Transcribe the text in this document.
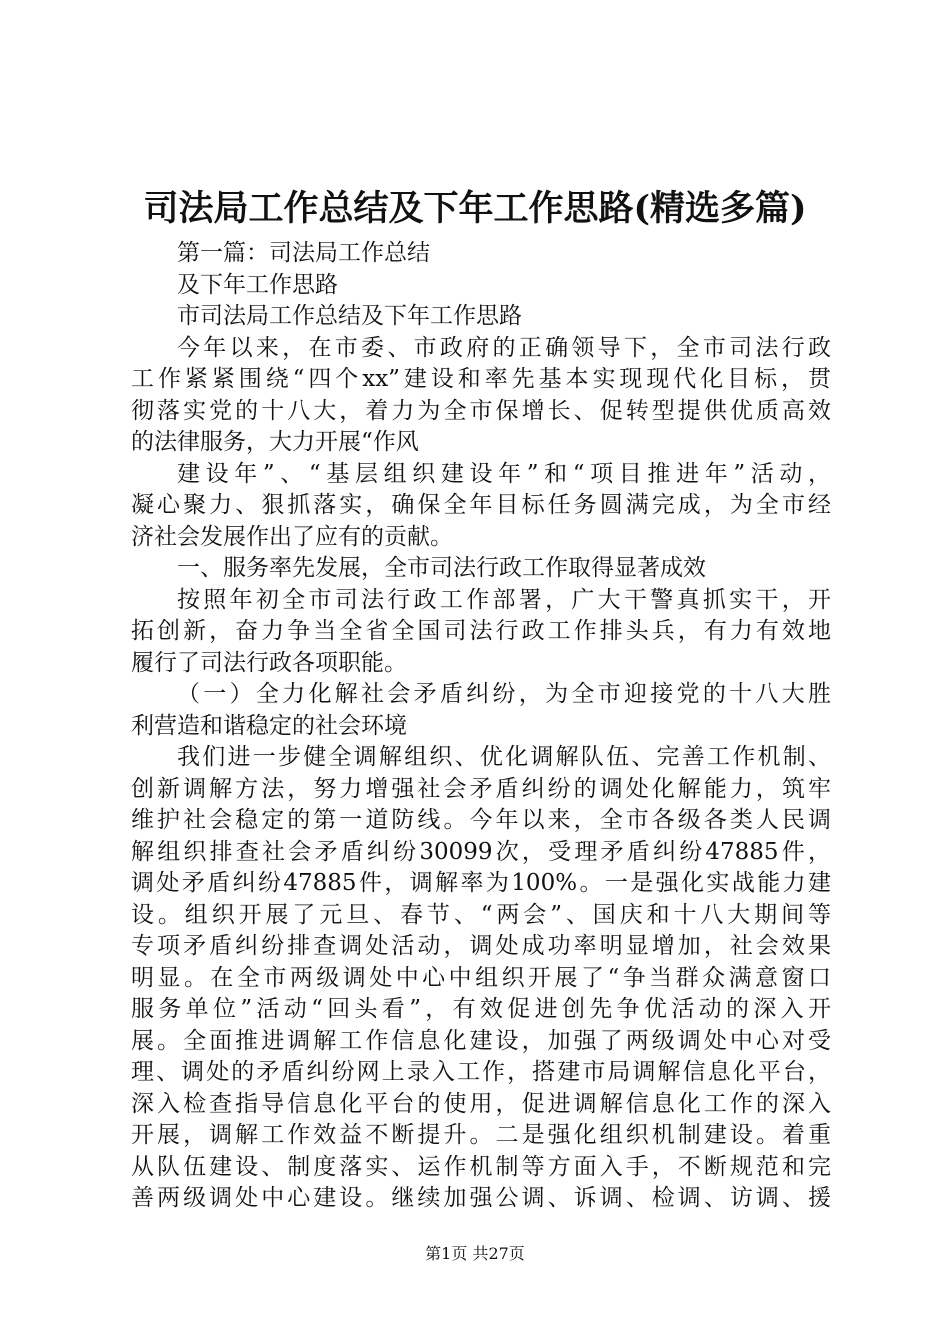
司法局工作总结及下年工作思路(精选多篇)
第一篇：司法局工作总结
及下年工作思路
市司法局工作总结及下年工作思路
今年以来，在市委、市政府的正确领导下，全市司法行政
工作紧紧围绕“四个xx”建设和率先基本实现现代化目标，贯
彻落实党的十八大，着力为全市保增长、促转型提供优质高效
的法律服务，大力开展“作风
建设年”、“基层组织建设年”和“项目推进年”活动，
凝心聚力、狠抓落实，确保全年目标任务圆满完成，为全市经
济社会发展作出了应有的贡献。
一、服务率先发展，全市司法行政工作取得显著成效
按照年初全市司法行政工作部署，广大干警真抓实干，开
拓创新，奋力争当全省全国司法行政工作排头兵，有力有效地
履行了司法行政各项职能。
（一）全力化解社会矛盾纠纷，为全市迎接党的十八大胜
利营造和谐稳定的社会环境
我们进一步健全调解组织、优化调解队伍、完善工作机制、
创新调解方法，努力增强社会矛盾纠纷的调处化解能力，筑牢
维护社会稳定的第一道防线。今年以来，全市各级各类人民调
解组织排查社会矛盾纠纷30099次，受理矛盾纠纷47885件，
调处矛盾纠纷47885件，调解率为100%。一是强化实战能力建
设。组织开展了元旦、春节、“两会”、国庆和十八大期间等
专项矛盾纠纷排查调处活动，调处成功率明显增加，社会效果
明显。在全市两级调处中心中组织开展了“争当群众满意窗口
服务单位”活动“回头看”，有效促进创先争优活动的深入开
展。全面推进调解工作信息化建设，加强了两级调处中心对受
理、调处的矛盾纠纷网上录入工作，搭建市局调解信息化平台，
深入检查指导信息化平台的使用，促进调解信息化工作的深入
开展，调解工作效益不断提升。二是强化组织机制建设。着重
从队伍建设、制度落实、运作机制等方面入手，不断规范和完
善两级调处中心建设。继续加强公调、诉调、检调、访调、援
第1页 共27页
